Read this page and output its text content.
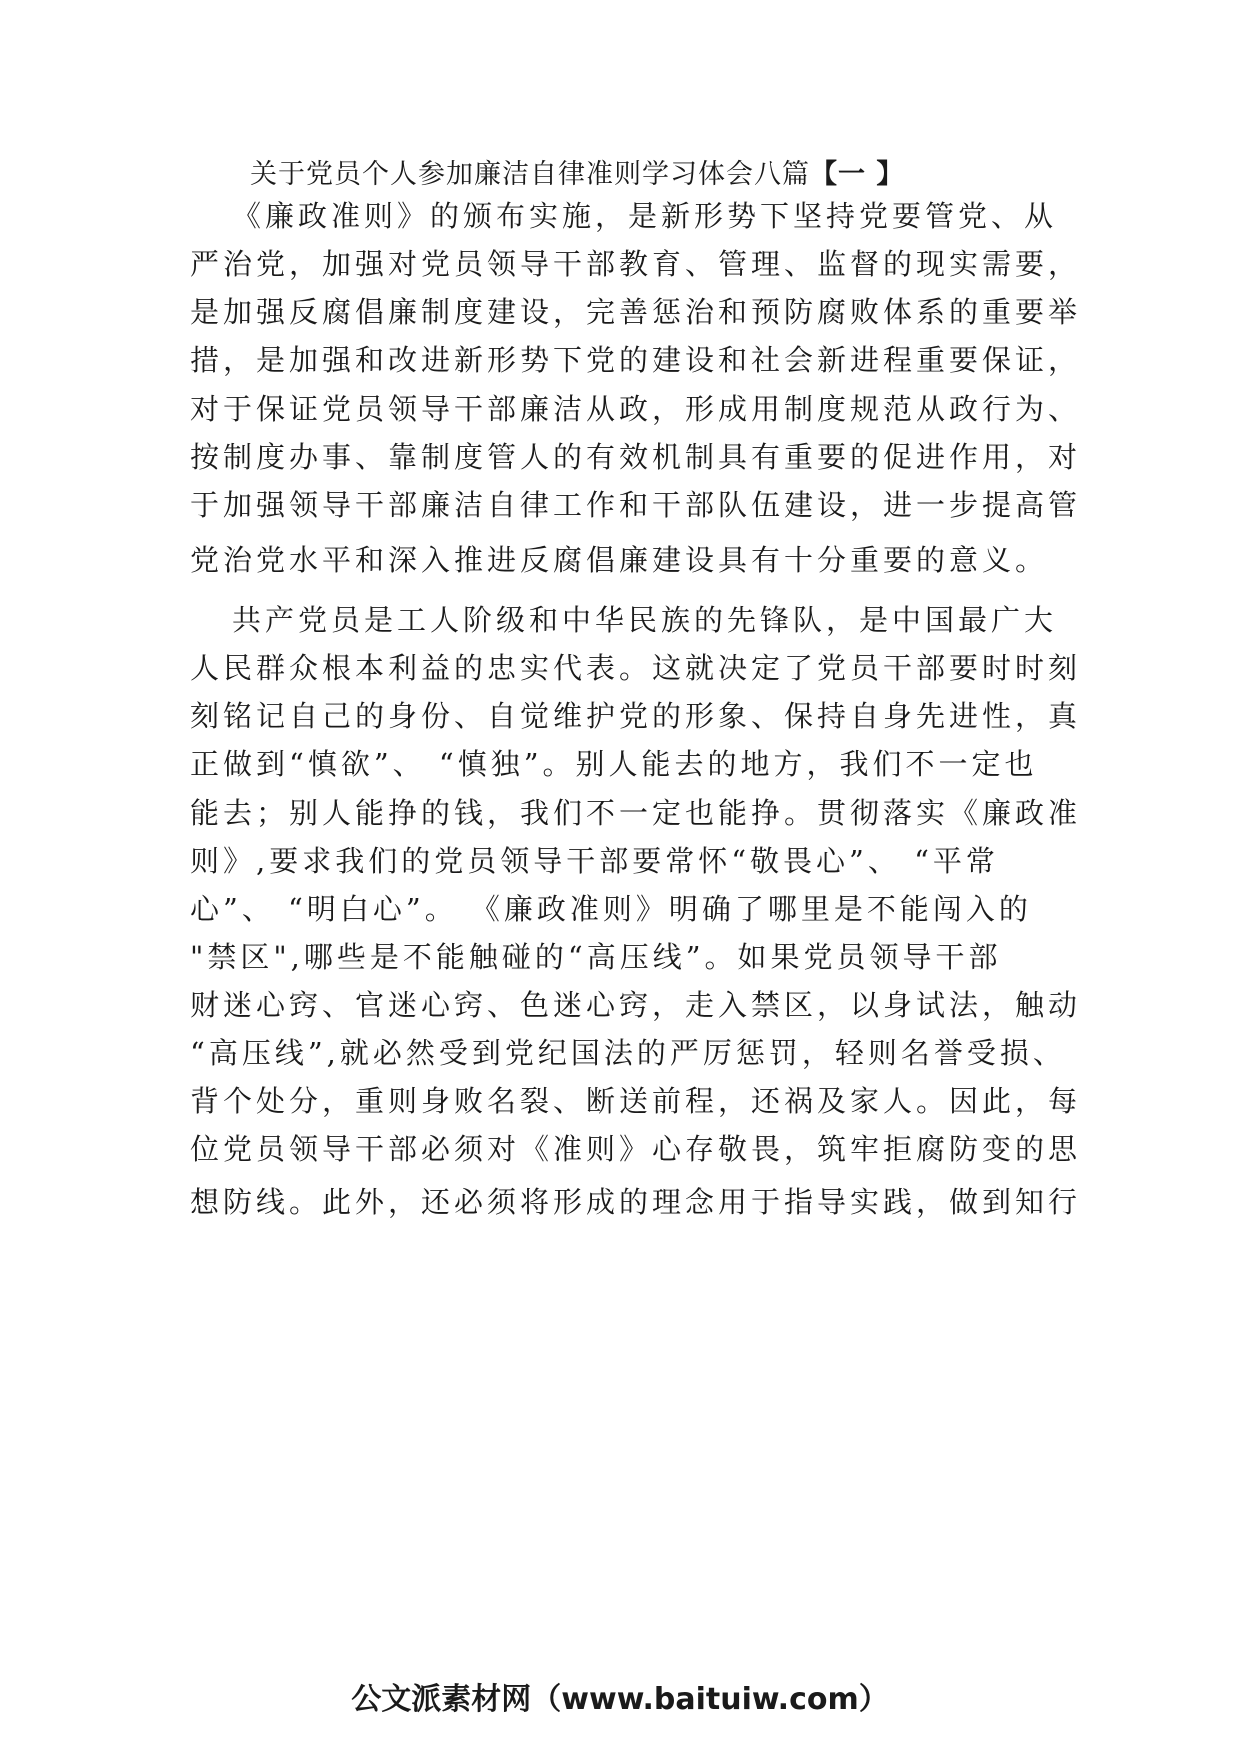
关于党员个人参加廉洁自律准则学习体会八篇【一 】
《廉政准则》的颁布实施，是新形势下坚持党要管党、从
严治党，加强对党员领导干部教育、管理、监督的现实需要，
是加强反腐倡廉制度建设，完善惩治和预防腐败体系的重要举
措，是加强和改进新形势下党的建设和社会新进程重要保证，
对于保证党员领导干部廉洁从政，形成用制度规范从政行为、
按制度办事、靠制度管人的有效机制具有重要的促进作用，对
于加强领导干部廉洁自律工作和干部队伍建设，进一步提高管
党治党水平和深入推进反腐倡廉建设具有十分重要的意义。
共产党员是工人阶级和中华民族的先锋队，是中国最广大
人民群众根本利益的忠实代表。这就决定了党员干部要时时刻
刻铭记自己的身份、自觉维护党的形象、保持自身先进性，真
正做到“慎欲”、 “慎独”。别人能去的地方，我们不一定也
能去；别人能挣的钱，我们不一定也能挣。贯彻落实《廉政准
则》,要求我们的党员领导干部要常怀“敬畏心”、 “平常
心”、 “明白心”。 《廉政准则》明确了哪里是不能闯入的
"禁区",哪些是不能触碰的“高压线”。如果党员领导干部
财迷心窍、官迷心窍、色迷心窍，走入禁区，以身试法，触动
“高压线”,就必然受到党纪国法的严厉惩罚，轻则名誉受损、
背个处分，重则身败名裂、断送前程，还祸及家人。因此，每
位党员领导干部必须对《准则》心存敬畏，筑牢拒腐防变的思
想防线。此外，还必须将形成的理念用于指导实践，做到知行
公文派素材网（www.baituiw.com）
